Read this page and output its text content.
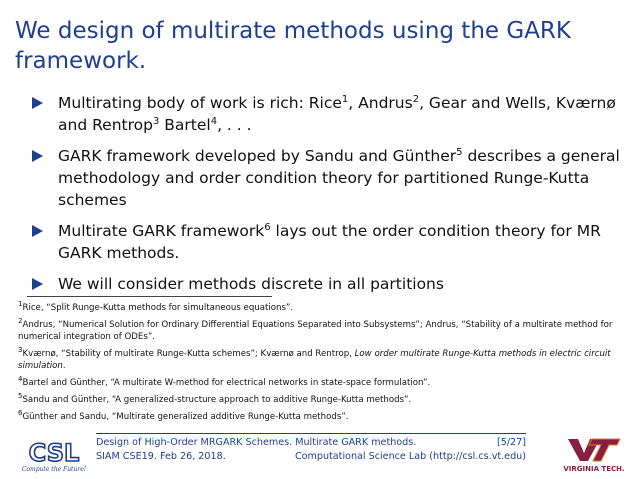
We design of multirate methods using the GARK framework.
Multirating body of work is rich: Rice$^1$, Andrus$^2$, Gear and Wells, Kværnø and Rentrop$^3$ Bartel$^4$, . . .
GARK framework developed by Sandu and Günther$^5$ describes a general methodology and order condition theory for partitioned Runge-Kutta schemes
Multirate GARK framework$^6$ lays out the order condition theory for MR GARK methods.
We will consider methods discrete in all partitions
$^1$Rice, “Split Runge-Kutta methods for simultaneous equations”.
$^2$Andrus, “Numerical Solution for Ordinary Differential Equations Separated into Subsystems”; Andrus, “Stability of a multirate method for numerical integration of ODEs”.
$^3$Kværnø, “Stability of multirate Runge-Kutta schemes”; Kværnø and Rentrop, Low order multirate Runge-Kutta methods in electric circuit simulation.
$^4$Bartel and Günther, “A multirate W-method for electrical networks in state-space formulation”.
$^5$Sandu and Günther, “A generalized-structure approach to additive Runge-Kutta methods”.
$^6$Günther and Sandu, “Multirate generalized additive Runge-Kutta methods”.
CSL
Compute the Future!
Design of High-Order MRGARK Schemes. Multirate GARK methods.	[5/27]
SIAM CSE19. Feb 26, 2018.	Computational Science Lab (http://csl.cs.vt.edu)
VIRGINIA TECH.
